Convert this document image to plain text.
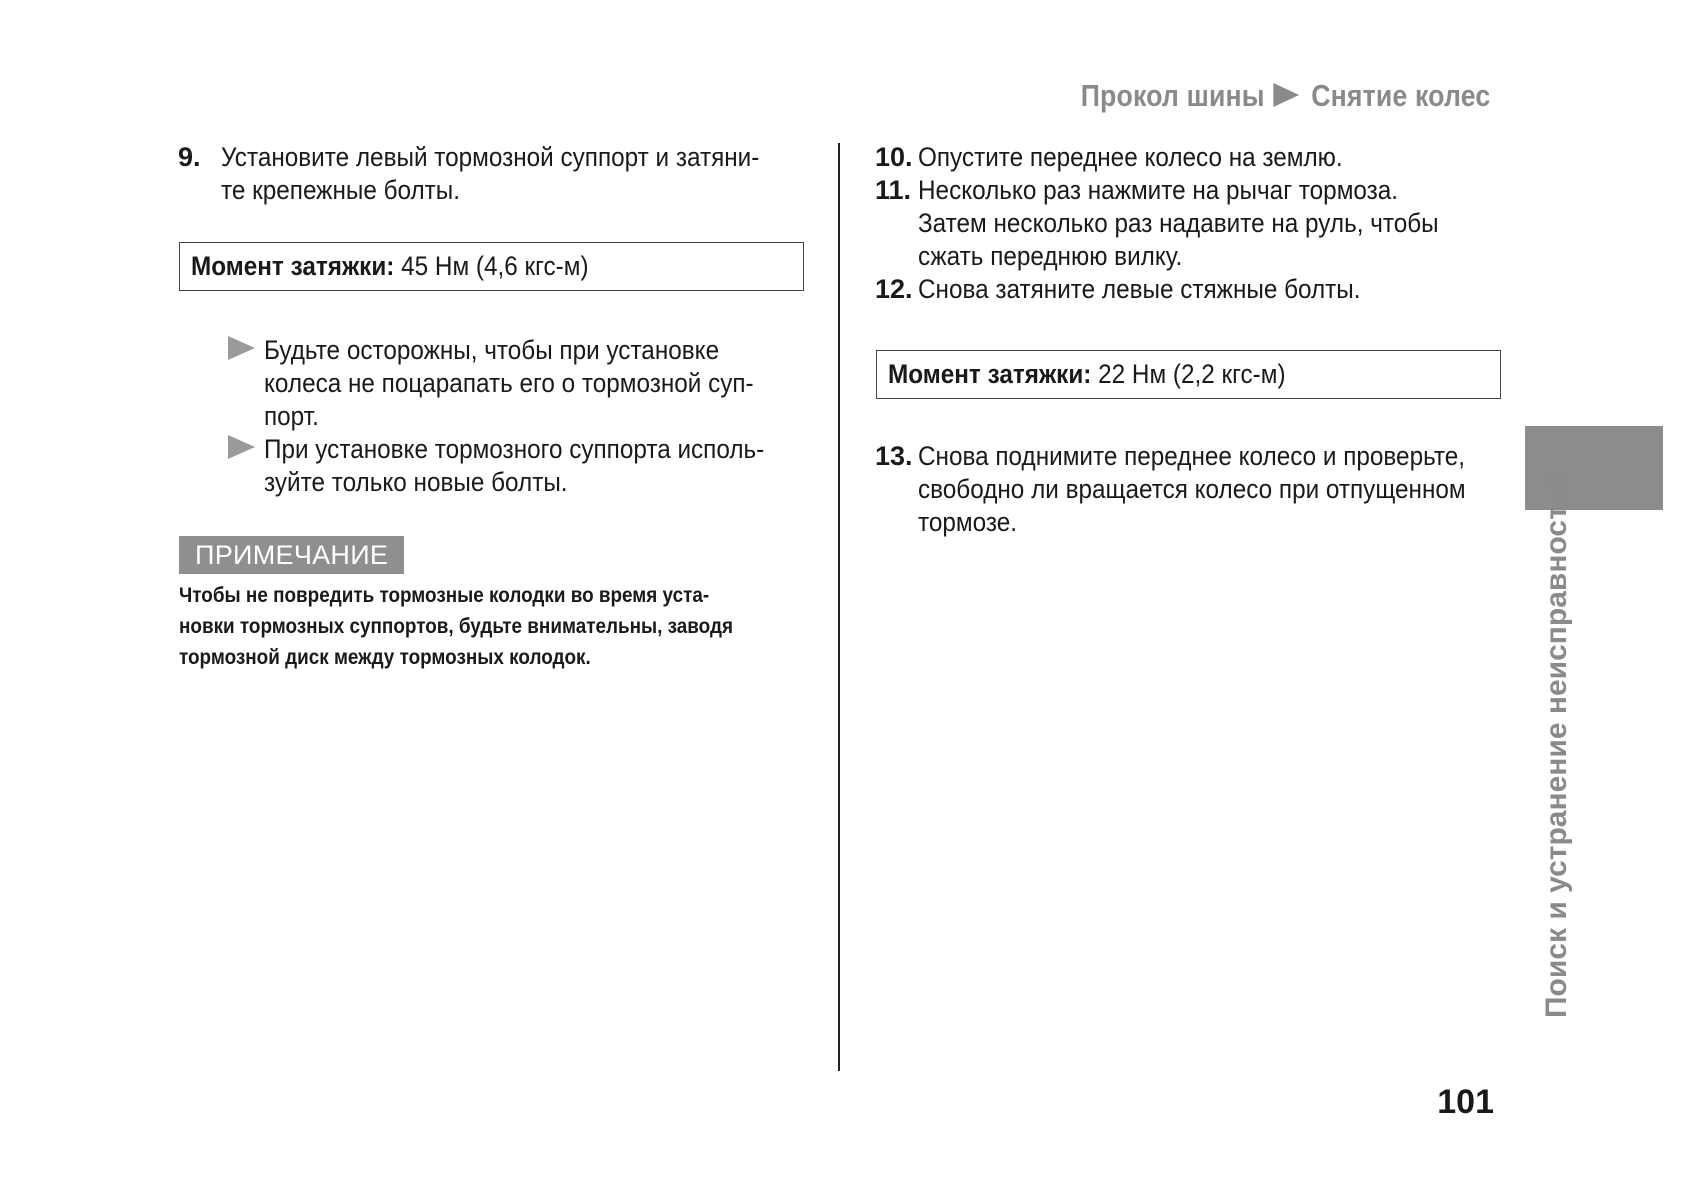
Прокол шины Снятие колес
9. Установите левый тормозной суппорт и затяни-
те крепежные болты.
Момент затяжки: 45 Нм (4,6 кгс-м)
Будьте осторожны, чтобы при установке
колеса не поцарапать его о тормозной суп-
порт.
При установке тормозного суппорта исполь-
зуйте только новые болты.
ПРИМЕЧАНИЕ
Чтобы не повредить тормозные колодки во время уста-
новки тормозных суппортов, будьте внимательны, заводя
тормозной диск между тормозных колодок.
10. Опустите переднее колесо на землю.
11. Несколько раз нажмите на рычаг тормоза.
Затем несколько раз надавите на руль, чтобы
сжать переднюю вилку.
12. Снова затяните левые стяжные болты.
Момент затяжки: 22 Нм (2,2 кгс-м)
13. Снова поднимите переднее колесо и проверьте,
свободно ли вращается колесо при отпущенном
тормозе.	Поиск и устранение неисправностей
101
